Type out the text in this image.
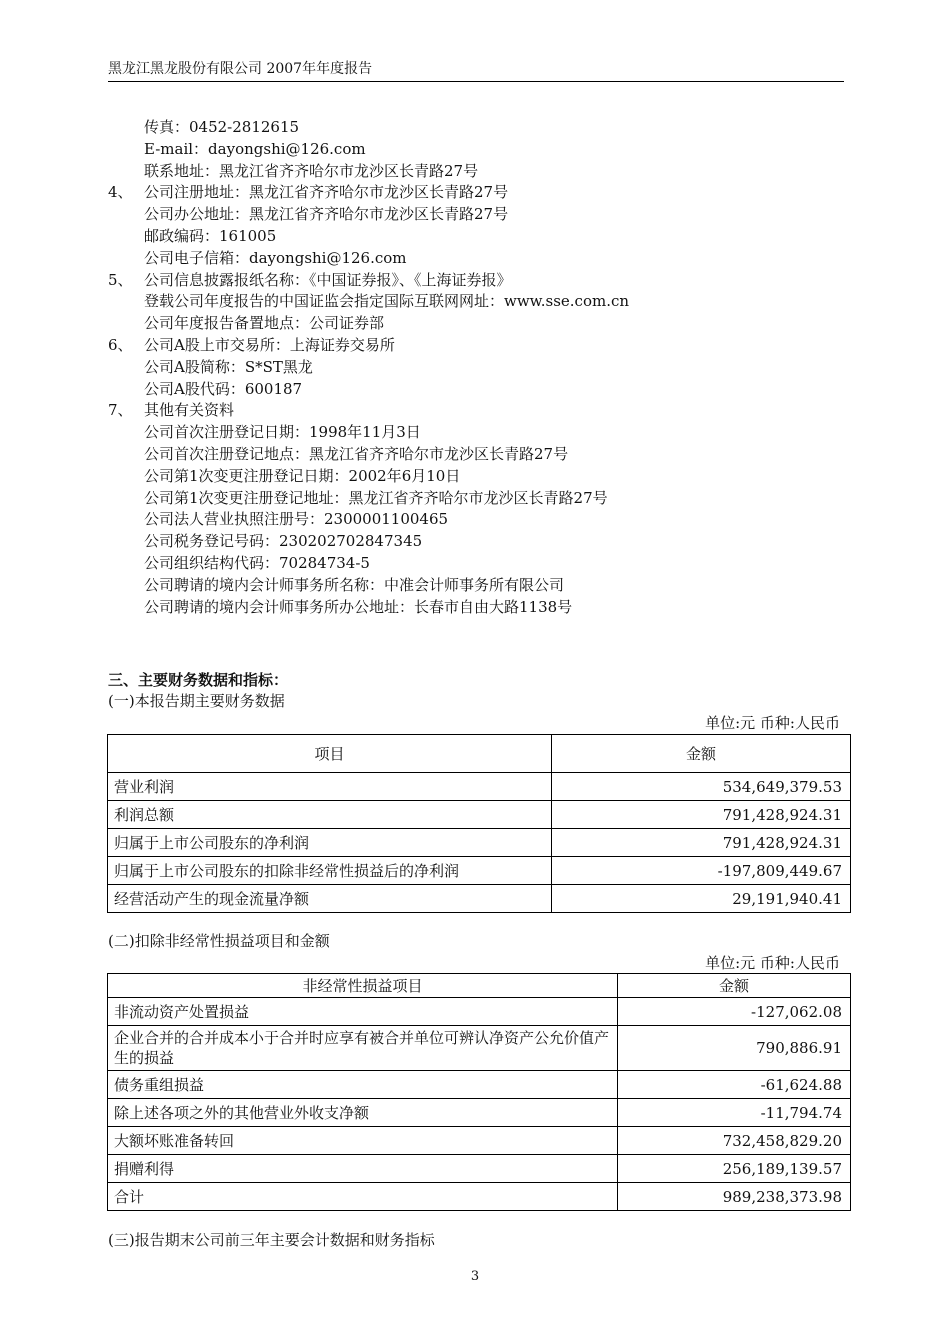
黑龙江黑龙股份有限公司 2007年年度报告
传真：0452-2812615
E-mail：dayongshi@126.com
联系地址：黑龙江省齐齐哈尔市龙沙区长青路27号
4、 公司注册地址：黑龙江省齐齐哈尔市龙沙区长青路27号
公司办公地址：黑龙江省齐齐哈尔市龙沙区长青路27号
邮政编码：161005
公司电子信箱：dayongshi@126.com
5、 公司信息披露报纸名称：《中国证券报》、《上海证券报》
登载公司年度报告的中国证监会指定国际互联网网址：www.sse.com.cn
公司年度报告备置地点：公司证券部
6、 公司A股上市交易所：上海证券交易所
公司A股简称：S*ST黑龙
公司A股代码：600187
7、 其他有关资料
公司首次注册登记日期：1998年11月3日
公司首次注册登记地点：黑龙江省齐齐哈尔市龙沙区长青路27号
公司第1次变更注册登记日期：2002年6月10日
公司第1次变更注册登记地址：黑龙江省齐齐哈尔市龙沙区长青路27号
公司法人营业执照注册号：2300001100465
公司税务登记号码：230202702847345
公司组织结构代码：70284734-5
公司聘请的境内会计师事务所名称：中准会计师事务所有限公司
公司聘请的境内会计师事务所办公地址：长春市自由大路1138号
三、主要财务数据和指标：
(一)本报告期主要财务数据
单位:元 币种:人民币
项目	金额
营业利润	534,649,379.53
利润总额	791,428,924.31
归属于上市公司股东的净利润	791,428,924.31
归属于上市公司股东的扣除非经常性损益后的净利润	-197,809,449.67
经营活动产生的现金流量净额	29,191,940.41
(二)扣除非经常性损益项目和金额
单位:元 币种:人民币
非经常性损益项目	金额
非流动资产处置损益	-127,062.08
企业合并的合并成本小于合并时应享有被合并单位可辨认净资产公允价值产生的损益	790,886.91
债务重组损益	-61,624.88
除上述各项之外的其他营业外收支净额	-11,794.74
大额坏账准备转回	732,458,829.20
捐赠利得	256,189,139.57
合计	989,238,373.98
(三)报告期末公司前三年主要会计数据和财务指标
3
